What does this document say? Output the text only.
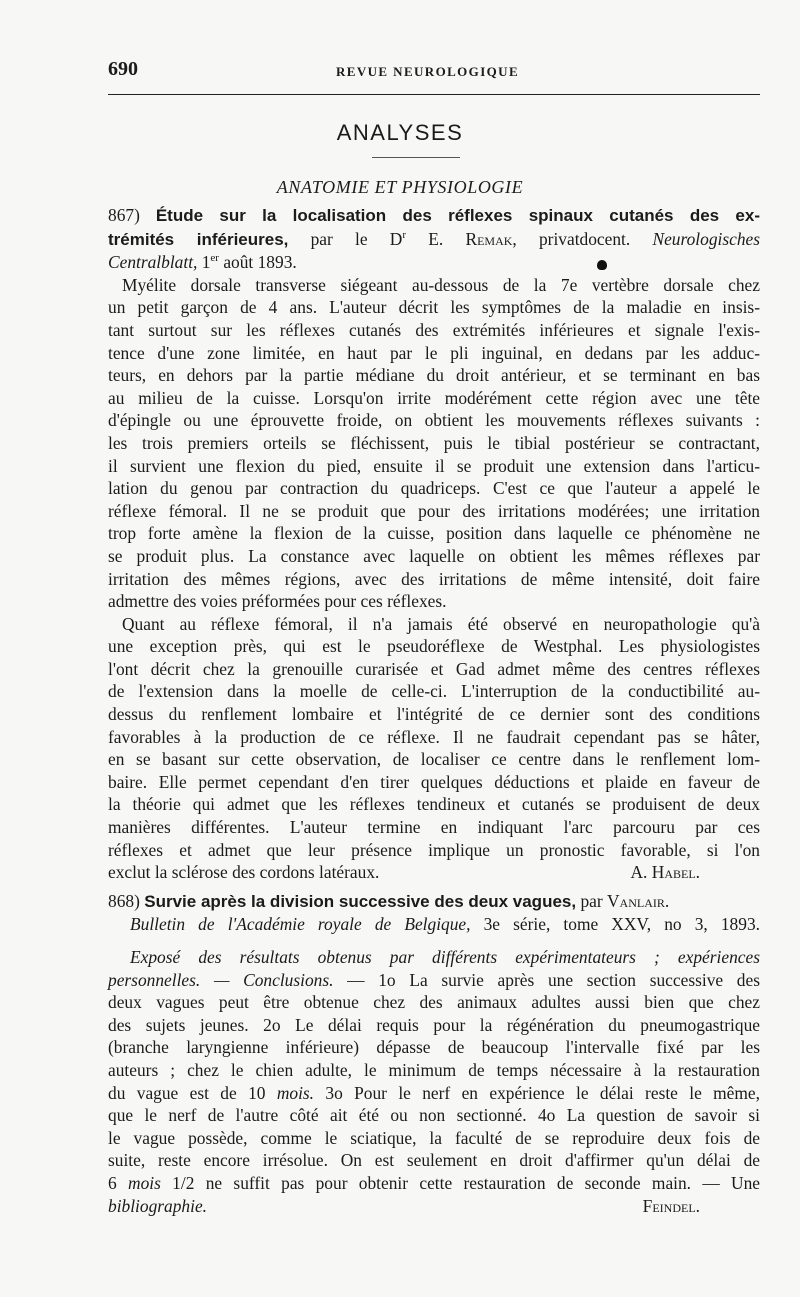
690	REVUE NEUROLOGIQUE
ANALYSES
ANATOMIE ET PHYSIOLOGIE
867) Étude sur la localisation des réflexes spinaux cutanés des ex-
trémités inférieures, par le $D^r$ E. Remak, privatdocent. Neurologisches
Centralblatt, 1er août 1893.
Myélite dorsale transverse siégeant au-dessous de la 7e vertèbre dorsale chez
un petit garçon de 4 ans. L'auteur décrit les symptômes de la maladie en insis-
tant surtout sur les réflexes cutanés des extrémités inférieures et signale l'exis-
tence d'une zone limitée, en haut par le pli inguinal, en dedans par les adduc-
teurs, en dehors par la partie médiane du droit antérieur, et se terminant en bas
au milieu de la cuisse. Lorsqu'on irrite modérément cette région avec une tête
d'épingle ou une éprouvette froide, on obtient les mouvements réflexes suivants :
les trois premiers orteils se fléchissent, puis le tibial postérieur se contractant,
il survient une flexion du pied, ensuite il se produit une extension dans l'articu-
lation du genou par contraction du quadriceps. C'est ce que l'auteur a appelé le
réflexe fémoral. Il ne se produit que pour des irritations modérées; une irritation
trop forte amène la flexion de la cuisse, position dans laquelle ce phénomène ne
se produit plus. La constance avec laquelle on obtient les mêmes réflexes par
irritation des mêmes régions, avec des irritations de même intensité, doit faire
admettre des voies préformées pour ces réflexes.
Quant au réflexe fémoral, il n'a jamais été observé en neuropathologie qu'à
une exception près, qui est le pseudoréflexe de Westphal. Les physiologistes
l'ont décrit chez la grenouille curarisée et Gad admet même des centres réflexes
de l'extension dans la moelle de celle-ci. L'interruption de la conductibilité au-
dessus du renflement lombaire et l'intégrité de ce dernier sont des conditions
favorables à la production de ce réflexe. Il ne faudrait cependant pas se hâter,
en se basant sur cette observation, de localiser ce centre dans le renflement lom-
baire. Elle permet cependant d'en tirer quelques déductions et plaide en faveur de
la théorie qui admet que les réflexes tendineux et cutanés se produisent de deux
manières différentes. L'auteur termine en indiquant l'arc parcouru par ces
réflexes et admet que leur présence implique un pronostic favorable, si l'on
exclut la sclérose des cordons latéraux.	A. Habel.
868) Survie après la division successive des deux vagues, par Vanlair.
Bulletin de l'Académie royale de Belgique, 3e série, tome XXV, no 3, 1893.
Exposé des résultats obtenus par différents expérimentateurs ; expériences
personnelles. — Conclusions. — 1o La survie après une section successive des
deux vagues peut être obtenue chez des animaux adultes aussi bien que chez
des sujets jeunes. 2o Le délai requis pour la régénération du pneumogastrique
(branche laryngienne inférieure) dépasse de beaucoup l'intervalle fixé par les
auteurs ; chez le chien adulte, le minimum de temps nécessaire à la restauration
du vague est de 10 mois. 3o Pour le nerf en expérience le délai reste le même,
que le nerf de l'autre côté ait été ou non sectionné. 4o La question de savoir si
le vague possède, comme le sciatique, la faculté de se reproduire deux fois de
suite, reste encore irrésolue. On est seulement en droit d'affirmer qu'un délai de
6 mois 1/2 ne suffit pas pour obtenir cette restauration de seconde main. — Une
bibliographie.	Feindel.
